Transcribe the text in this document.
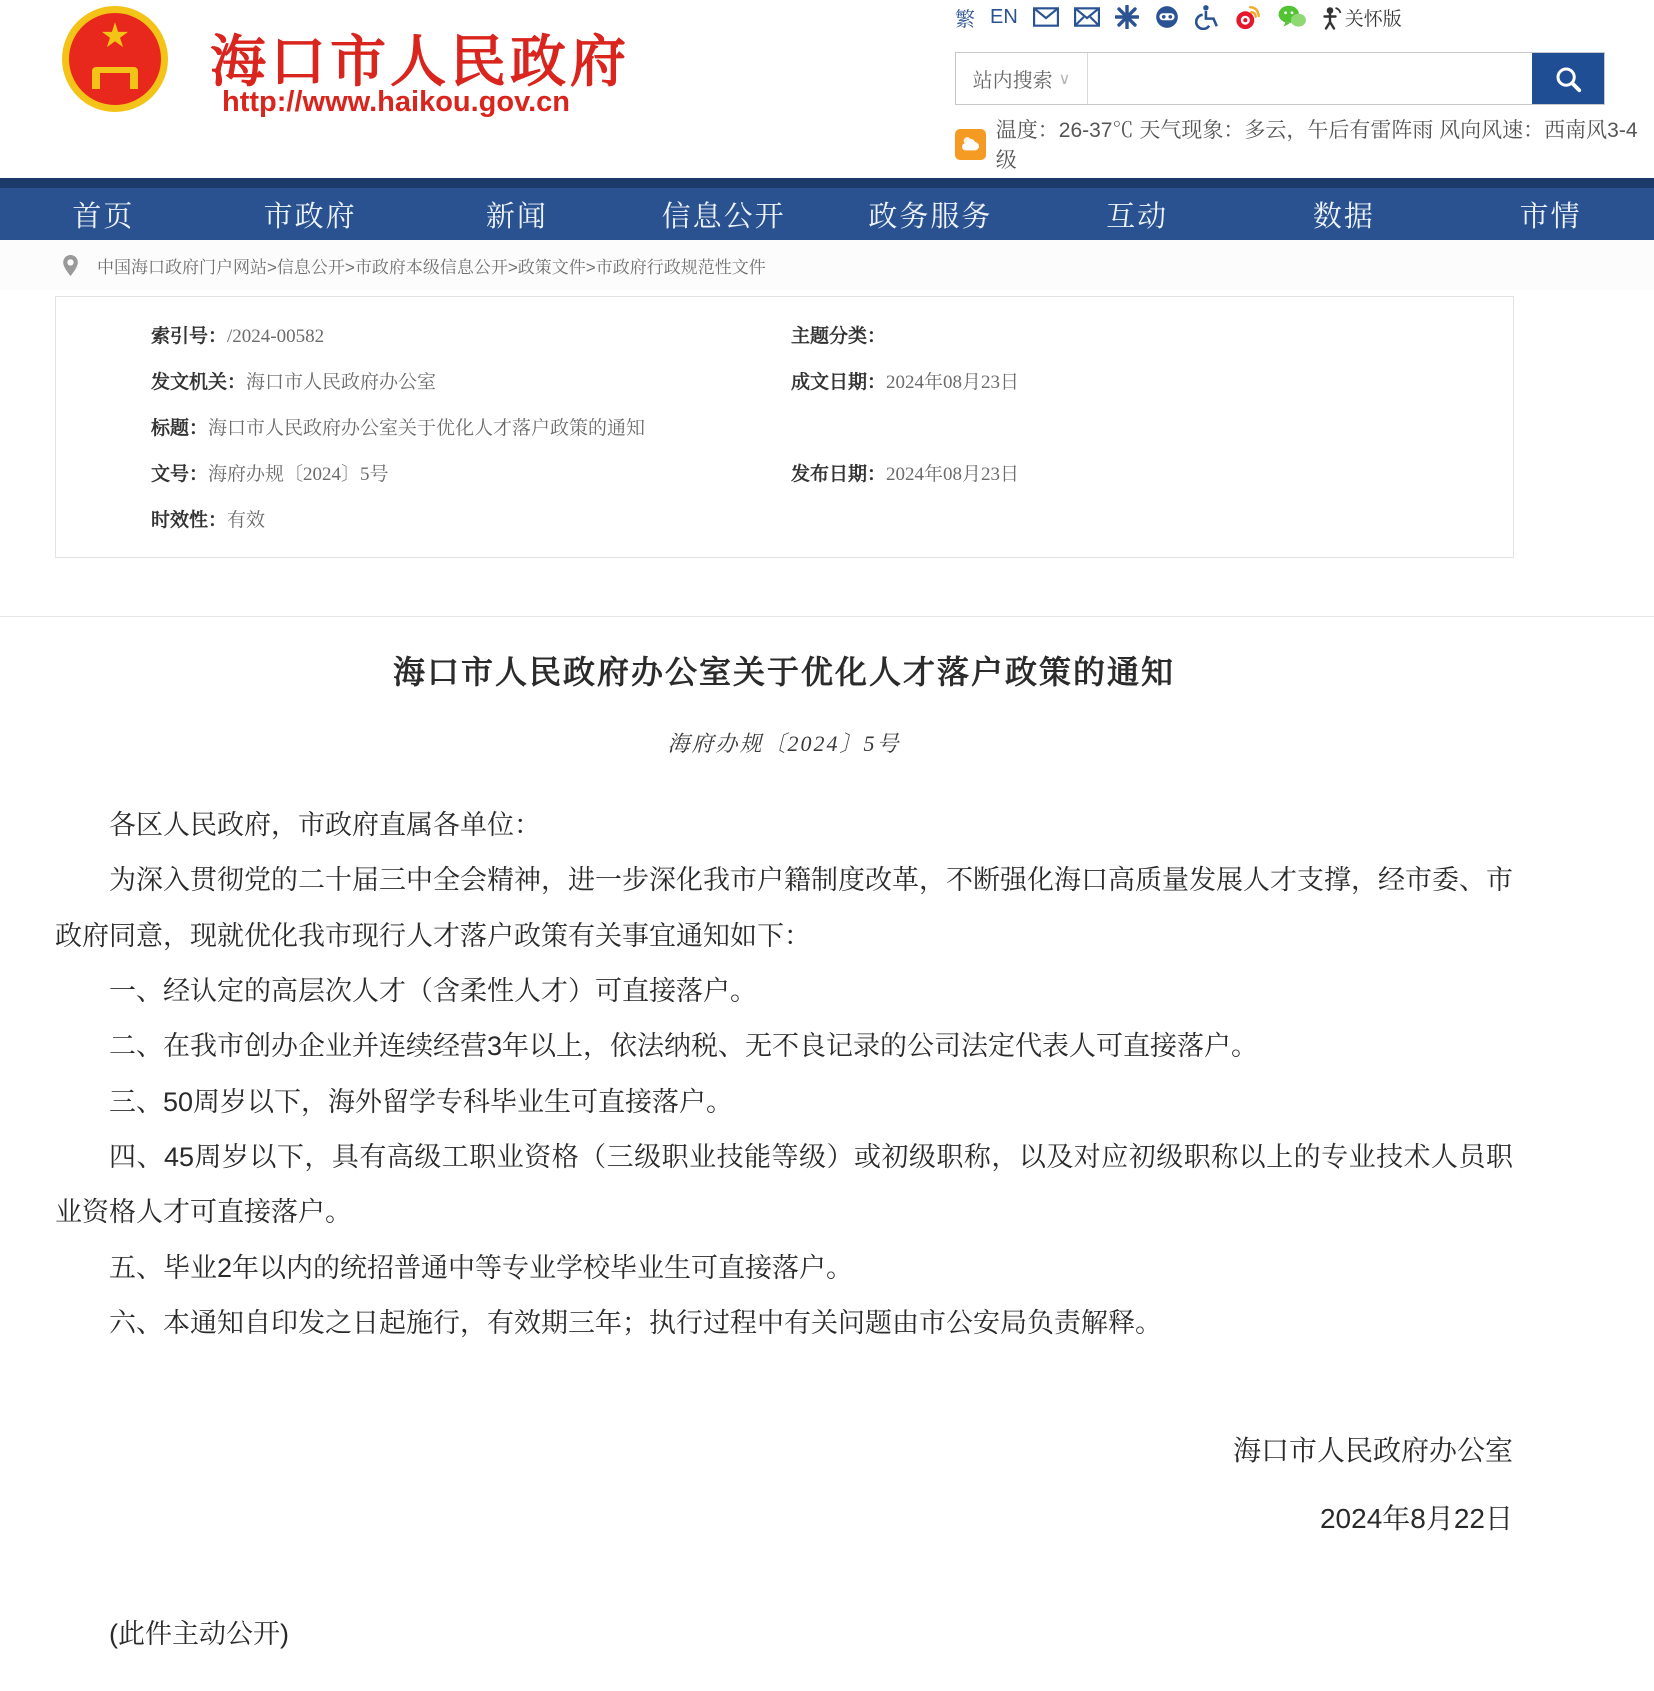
★	海口市人民政府
http://www.haikou.gov.cn
繁 EN	关怀版
站内搜索 ∨
温度：26-37℃ 天气现象：多云，午后有雷阵雨 风向风速：西南风3-4级
首页	市政府	新闻	信息公开	政务服务	互动	数据	市情
中国海口政府门户网站>信息公开>市政府本级信息公开>政策文件>市政府行政规范性文件
索引号：/2024-00582	主题分类：
发文机关：海口市人民政府办公室	成文日期：2024年08月23日
标题：海口市人民政府办公室关于优化人才落户政策的通知
文号：海府办规〔2024〕5号	发布日期：2024年08月23日
时效性：有效
海口市人民政府办公室关于优化人才落户政策的通知
海府办规〔2024〕5号

各区人民政府，市政府直属各单位：

为深入贯彻党的二十届三中全会精神，进一步深化我市户籍制度改革，不断强化海口高质量发展人才支撑，经市委、市政府同意，现就优化我市现行人才落户政策有关事宜通知如下：

一、经认定的高层次人才（含柔性人才）可直接落户。

二、在我市创办企业并连续经营3年以上，依法纳税、无不良记录的公司法定代表人可直接落户。

三、50周岁以下，海外留学专科毕业生可直接落户。

四、45周岁以下，具有高级工职业资格（三级职业技能等级）或初级职称，以及对应初级职称以上的专业技术人员职业资格人才可直接落户。

五、毕业2年以内的统招普通中等专业学校毕业生可直接落户。

六、本通知自印发之日起施行，有效期三年；执行过程中有关问题由市公安局负责解释。

海口市人民政府办公室
2024年8月22日
(此件主动公开)
